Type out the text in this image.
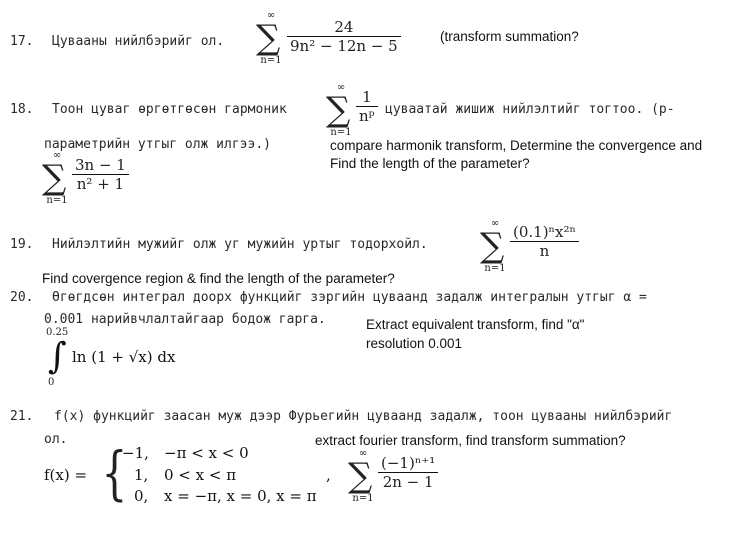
17. Цувааны нийлбэрийг ол.
∞
∑
n=1
24
9n² − 12n − 5
(transform summation?
18. Тоон цуваг өргөтгөсөн гармоник
∞
∑
n=1
1
nᵖ цуваатай жишиж нийлэлтийг тогтоо. (p-
параметрийн утгыг олж илгээ.)
∞
∑
n=1
3n − 1
n² + 1
compare harmonik transform, Determine the convergence and
Find the length of the parameter?
19. Нийлэлтийн мужийг олж уг мужийн уртыг тодорхойл.
∞
∑
n=1
(0.1)ⁿx²ⁿ
n
Find covergence region & find the length of the parameter?
20. Өгөгдсөн интеграл доорх функцийг зэргийн цуваанд задалж интегралын утгыг α =
0.001 нарийвчлалтайгаар бодож гарга.
0.25
∫
0
ln (1 + √x) dx
Extract equivalent transform, find "α"
resolution 0.001
21. f(x) функцийг заасан муж дээр Фурьегийн цуваанд задалж, тоон цувааны нийлбэрийг
ол.	extract fourier transform, find transform summation?
f(x) = {
−1, −π < x < 0
1, 0 < x < π
0, x = −π, x = 0, x = π
,
∞
∑
n=1
(−1)ⁿ⁺¹
2n − 1
